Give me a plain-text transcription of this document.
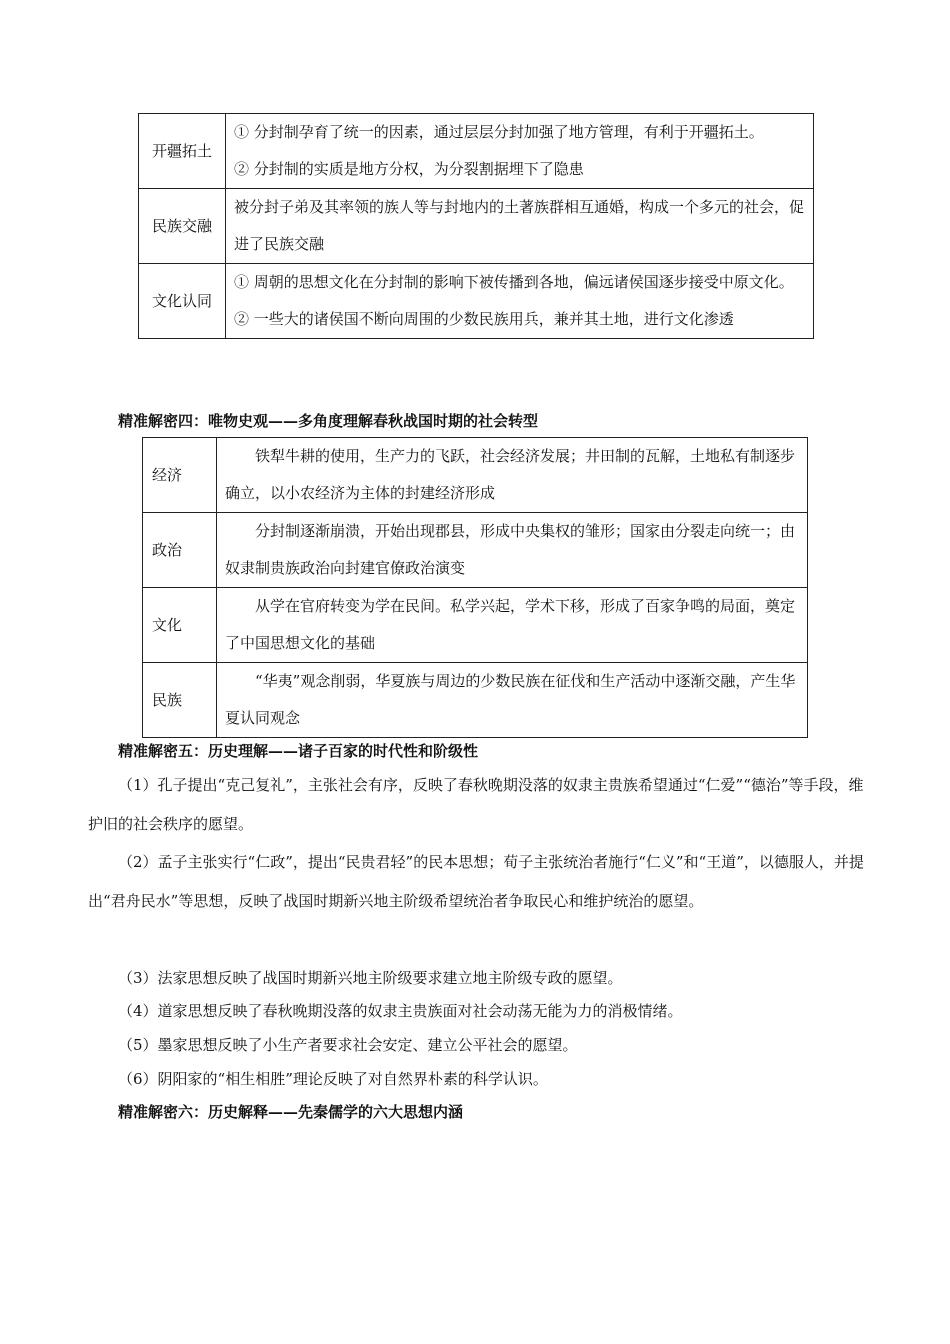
开疆拓土	① 分封制孕育了统一的因素，通过层层分封加强了地方管理，有利于开疆拓土。

② 分封制的实质是地方分权，为分裂割据埋下了隐患

民族交融	被分封子弟及其率领的族人等与封地内的土著族群相互通婚，构成一个多元的社会，促进了民族交融

文化认同	① 周朝的思想文化在分封制的影响下被传播到各地，偏远诸侯国逐步接受中原文化。

② 一些大的诸侯国不断向周围的少数民族用兵，兼并其土地，进行文化渗透

精准解密四：唯物史观——多角度理解春秋战国时期的社会转型
经济	铁犁牛耕的使用，生产力的飞跃，社会经济发展；井田制的瓦解，土地私有制逐步确立，以小农经济为主体的封建经济形成

政治	分封制逐渐崩溃，开始出现郡县，形成中央集权的雏形；国家由分裂走向统一；由奴隶制贵族政治向封建官僚政治演变

文化	从学在官府转变为学在民间。私学兴起，学术下移，形成了百家争鸣的局面，奠定了中国思想文化的基础

民族	“华夷”观念削弱，华夏族与周边的少数民族在征伐和生产活动中逐渐交融，产生华夏认同观念

精准解密五：历史理解——诸子百家的时代性和阶级性

（1）孔子提出“克己复礼”，主张社会有序，反映了春秋晚期没落的奴隶主贵族希望通过“仁爱”“德治”等手段，维护旧的社会秩序的愿望。

（2）孟子主张实行“仁政”，提出“民贵君轻”的民本思想；荀子主张统治者施行“仁义”和“王道”，以德服人，并提出“君舟民水”等思想，反映了战国时期新兴地主阶级希望统治者争取民心和维护统治的愿望。

（3）法家思想反映了战国时期新兴地主阶级要求建立地主阶级专政的愿望。

（4）道家思想反映了春秋晚期没落的奴隶主贵族面对社会动荡无能为力的消极情绪。

（5）墨家思想反映了小生产者要求社会安定、建立公平社会的愿望。

（6）阴阳家的“相生相胜”理论反映了对自然界朴素的科学认识。

精准解密六：历史解释——先秦儒学的六大思想内涵
